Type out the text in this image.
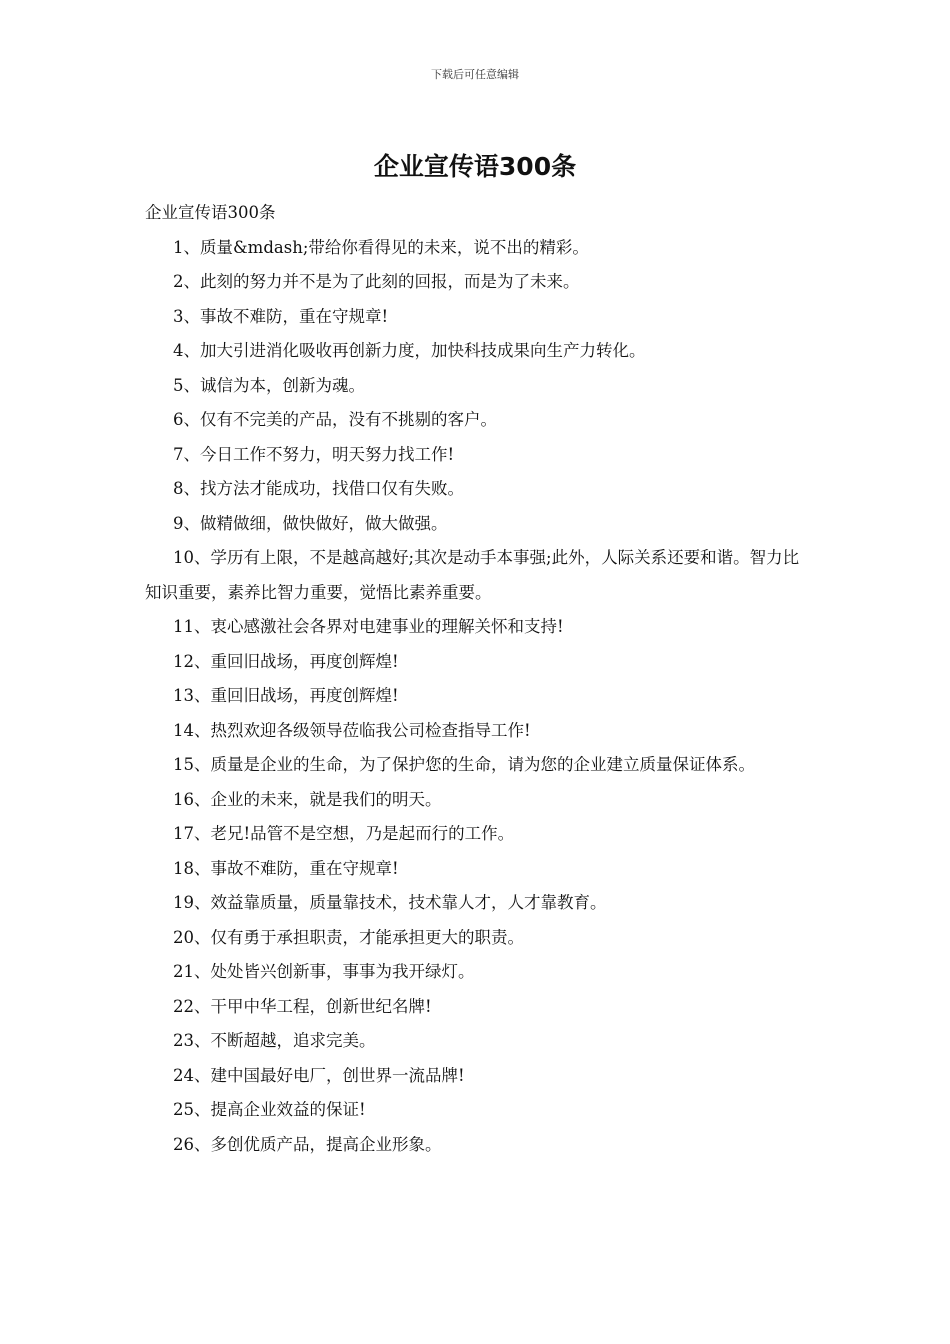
下载后可任意编辑
企业宣传语300条

企业宣传语300条

1、质量&mdash;带给你看得见的未来，说不出的精彩。

2、此刻的努力并不是为了此刻的回报，而是为了未来。

3、事故不难防，重在守规章!

4、加大引进消化吸收再创新力度，加快科技成果向生产力转化。

5、诚信为本，创新为魂。

6、仅有不完美的产品，没有不挑剔的客户。

7、今日工作不努力，明天努力找工作!

8、找方法才能成功，找借口仅有失败。

9、做精做细，做快做好，做大做强。

10、学历有上限，不是越高越好;其次是动手本事强;此外，人际关系还要和谐。智力比知识重要，素养比智力重要，觉悟比素养重要。

11、衷心感激社会各界对电建事业的理解关怀和支持!

12、重回旧战场，再度创辉煌!

13、重回旧战场，再度创辉煌!

14、热烈欢迎各级领导莅临我公司检查指导工作!

15、质量是企业的生命，为了保护您的生命，请为您的企业建立质量保证体系。

16、企业的未来，就是我们的明天。

17、老兄!品管不是空想，乃是起而行的工作。

18、事故不难防，重在守规章!

19、效益靠质量，质量靠技术，技术靠人才，人才靠教育。

20、仅有勇于承担职责，才能承担更大的职责。

21、处处皆兴创新事，事事为我开绿灯。

22、干甲中华工程，创新世纪名牌!

23、不断超越，追求完美。

24、建中国最好电厂，创世界一流品牌!

25、提高企业效益的保证!

26、多创优质产品，提高企业形象。
